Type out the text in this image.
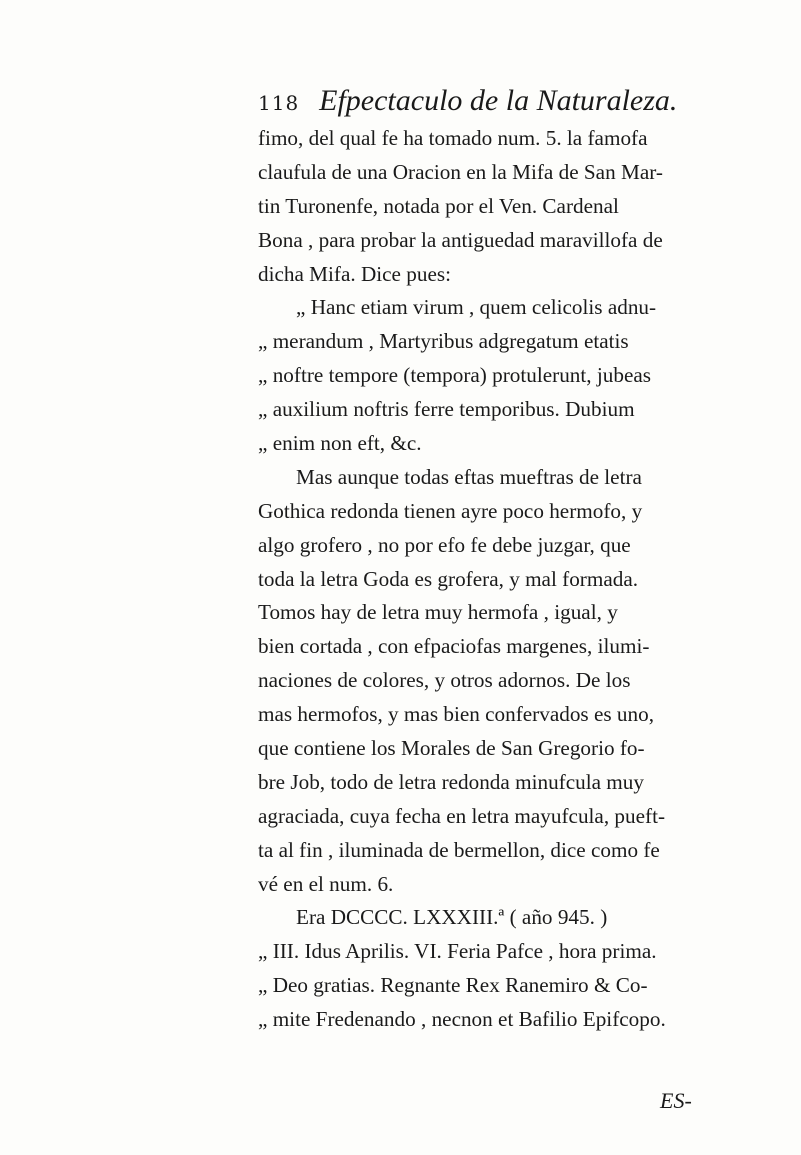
118 Efpectaculo de la Naturaleza.
fimo, del qual fe ha tomado num. 5. la famofa
claufula de una Oracion en la Mifa de San Mar-
tin Turonenfe, notada por el Ven. Cardenal
Bona , para probar la antiguedad maravillofa de
dicha Mifa. Dice pues:
„ Hanc etiam virum , quem celicolis adnu-
„ merandum , Martyribus adgregatum etatis
„ noftre tempore (tempora) protulerunt, jubeas
„ auxilium noftris ferre temporibus. Dubium
„ enim non eft, &c.
Mas aunque todas eftas mueftras de letra
Gothica redonda tienen ayre poco hermofo, y
algo grofero , no por efo fe debe juzgar, que
toda la letra Goda es grofera, y mal formada.
Tomos hay de letra muy hermofa , igual, y
bien cortada , con efpaciofas margenes, ilumi-
naciones de colores, y otros adornos. De los
mas hermofos, y mas bien confervados es uno,
que contiene los Morales de San Gregorio fo-
bre Job, todo de letra redonda minufcula muy
agraciada, cuya fecha en letra mayufcula, pueft-
ta al fin , iluminada de bermellon, dice como fe
vé en el num. 6.
Era DCCCC. LXXXIII.ª ( año 945. )
„ III. Idus Aprilis. VI. Feria Pafce , hora prima.
„ Deo gratias. Regnante Rex Ranemiro & Co-
„ mite Fredenando , necnon et Bafilio Epifcopo.
ES-
